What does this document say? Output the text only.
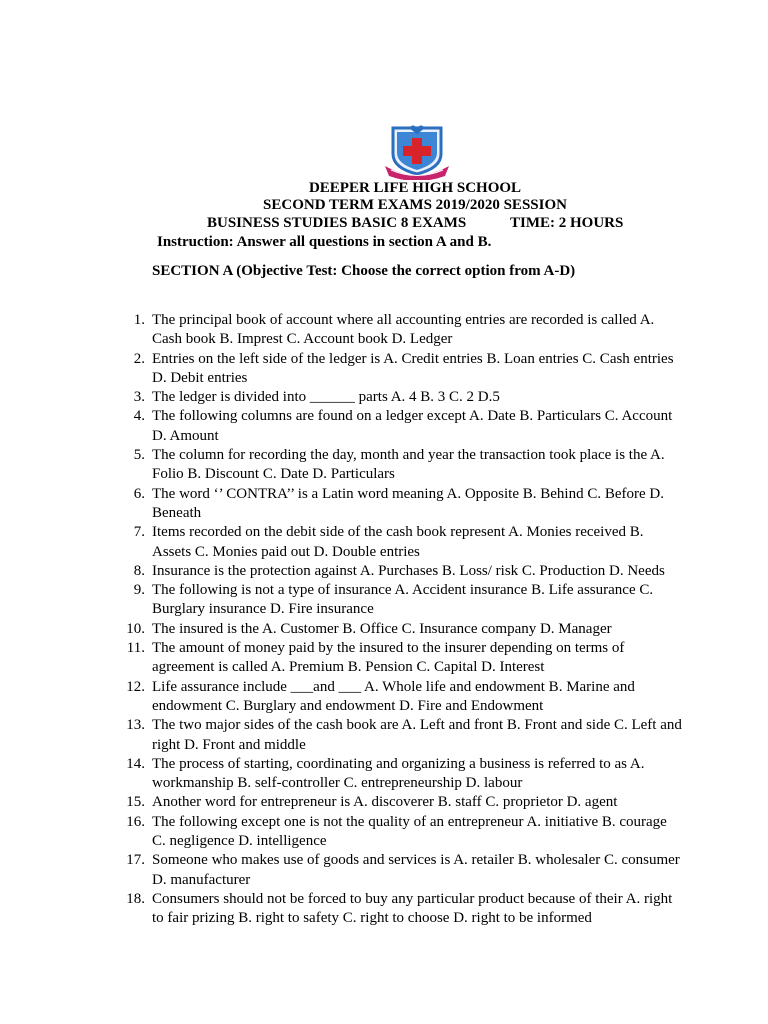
DEEPER LIFE HIGH SCHOOL
SECOND TERM EXAMS 2019/2020 SESSION
BUSINESS STUDIES BASIC 8 EXAMS	TIME: 2 HOURS
Instruction: Answer all questions in section A and B.
SECTION A (Objective Test: Choose the correct option from A-D)
1. The principal book of account where all accounting entries are recorded is called A. Cash book B. Imprest C. Account book D. Ledger
2. Entries on the left side of the ledger is A. Credit entries B. Loan entries C. Cash entries D. Debit entries
3. The ledger is divided into ______ parts A. 4 B. 3 C. 2 D.5
4. The following columns are found on a ledger except A. Date B. Particulars C. Account D. Amount
5. The column for recording the day, month and year the transaction took place is the A. Folio B. Discount C. Date D. Particulars
6. The word ‘’ CONTRA’’ is a Latin word meaning A. Opposite B. Behind C. Before D. Beneath
7. Items recorded on the debit side of the cash book represent A. Monies received B. Assets C. Monies paid out D. Double entries
8. Insurance is the protection against A. Purchases B. Loss/ risk C. Production D. Needs
9. The following is not a type of insurance A. Accident insurance B. Life assurance C. Burglary insurance D. Fire insurance
10. The insured is the A. Customer B. Office C. Insurance company D. Manager
11. The amount of money paid by the insured to the insurer depending on terms of agreement is called A. Premium B. Pension C. Capital D. Interest
12. Life assurance include ___and ___ A. Whole life and endowment B. Marine and endowment C. Burglary and endowment D. Fire and Endowment
13. The two major sides of the cash book are A. Left and front B. Front and side C. Left and right D. Front and middle
14. The process of starting, coordinating and organizing a business is referred to as A. workmanship B. self-controller C. entrepreneurship D. labour
15. Another word for entrepreneur is A. discoverer B. staff C. proprietor D. agent
16. The following except one is not the quality of an entrepreneur A. initiative B. courage C. negligence D. intelligence
17. Someone who makes use of goods and services is A. retailer B. wholesaler C. consumer D. manufacturer
18. Consumers should not be forced to buy any particular product because of their A. right to fair prizing B. right to safety C. right to choose D. right to be informed
